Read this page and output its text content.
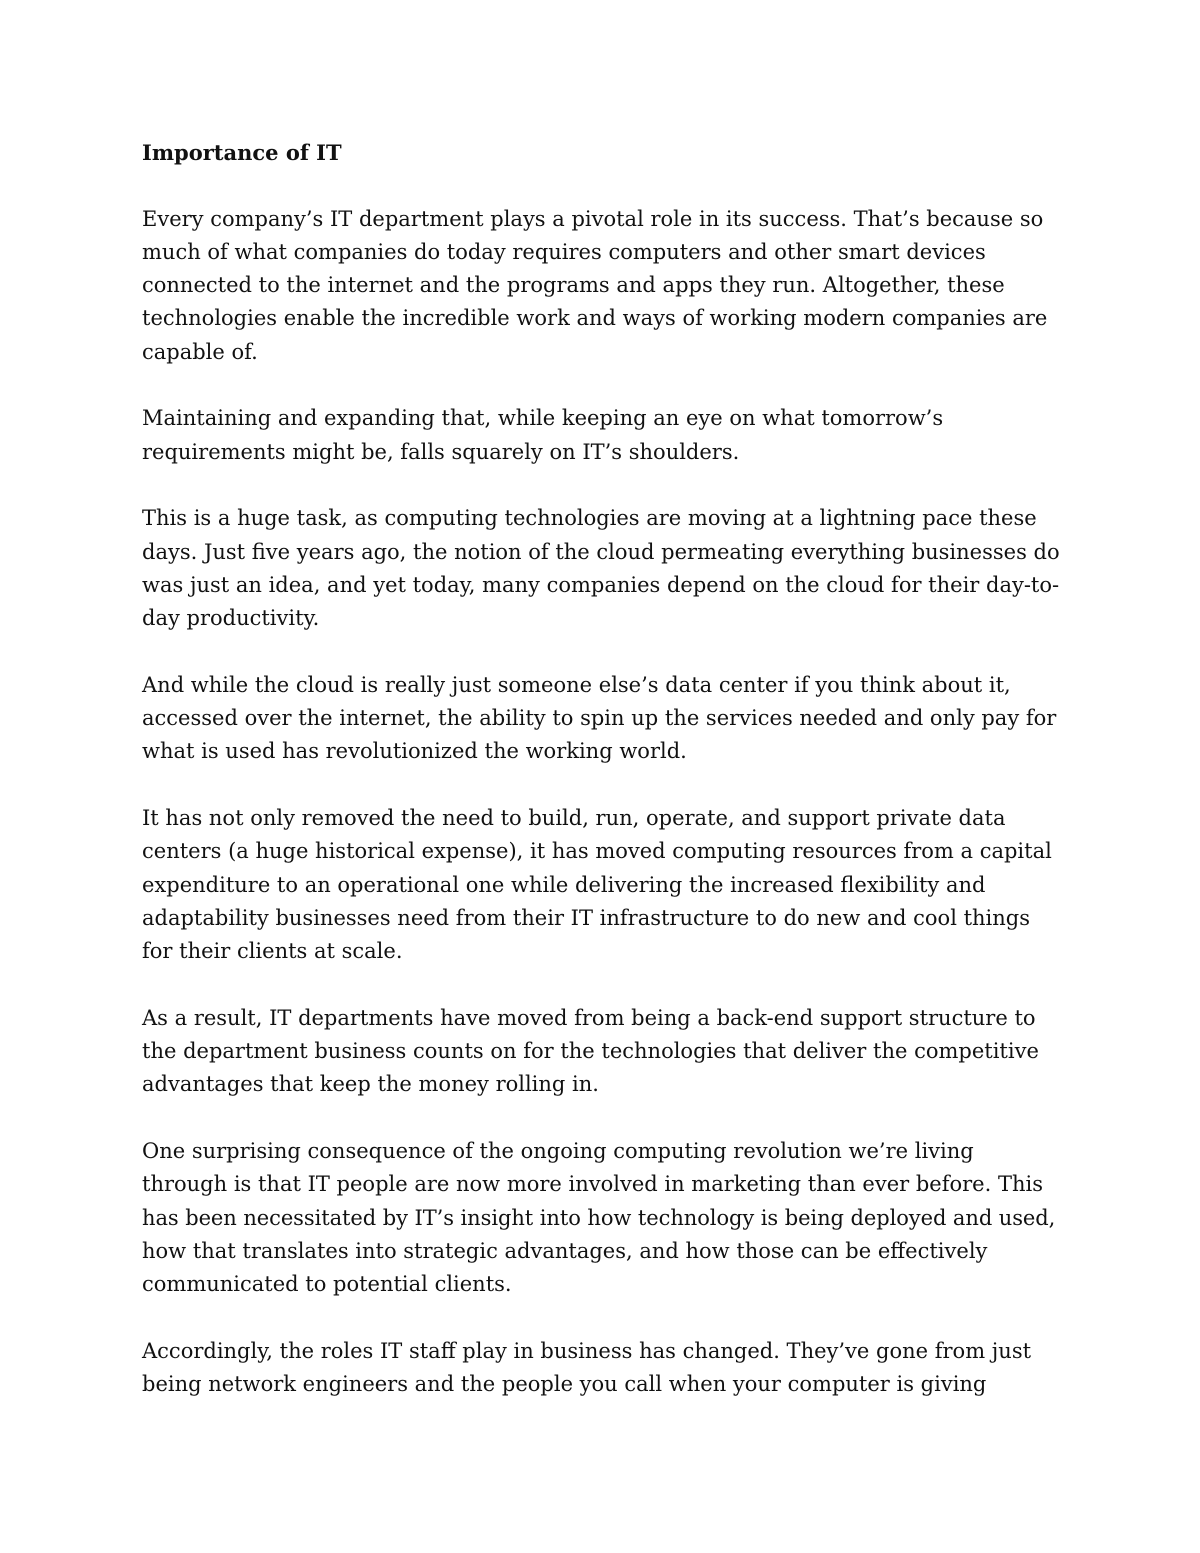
Importance of IT

Every company’s IT department plays a pivotal role in its success. That’s because so
much of what companies do today requires computers and other smart devices
connected to the internet and the programs and apps they run. Altogether, these
technologies enable the incredible work and ways of working modern companies are
capable of.

Maintaining and expanding that, while keeping an eye on what tomorrow’s
requirements might be, falls squarely on IT’s shoulders.

This is a huge task, as computing technologies are moving at a lightning pace these
days. Just five years ago, the notion of the cloud permeating everything businesses do
was just an idea, and yet today, many companies depend on the cloud for their day-to-
day productivity.

And while the cloud is really just someone else’s data center if you think about it,
accessed over the internet, the ability to spin up the services needed and only pay for
what is used has revolutionized the working world.

It has not only removed the need to build, run, operate, and support private data
centers (a huge historical expense), it has moved computing resources from a capital
expenditure to an operational one while delivering the increased flexibility and
adaptability businesses need from their IT infrastructure to do new and cool things
for their clients at scale.

As a result, IT departments have moved from being a back-end support structure to
the department business counts on for the technologies that deliver the competitive
advantages that keep the money rolling in.

One surprising consequence of the ongoing computing revolution we’re living
through is that IT people are now more involved in marketing than ever before. This
has been necessitated by IT’s insight into how technology is being deployed and used,
how that translates into strategic advantages, and how those can be effectively
communicated to potential clients.

Accordingly, the roles IT staff play in business has changed. They’ve gone from just
being network engineers and the people you call when your computer is giving
